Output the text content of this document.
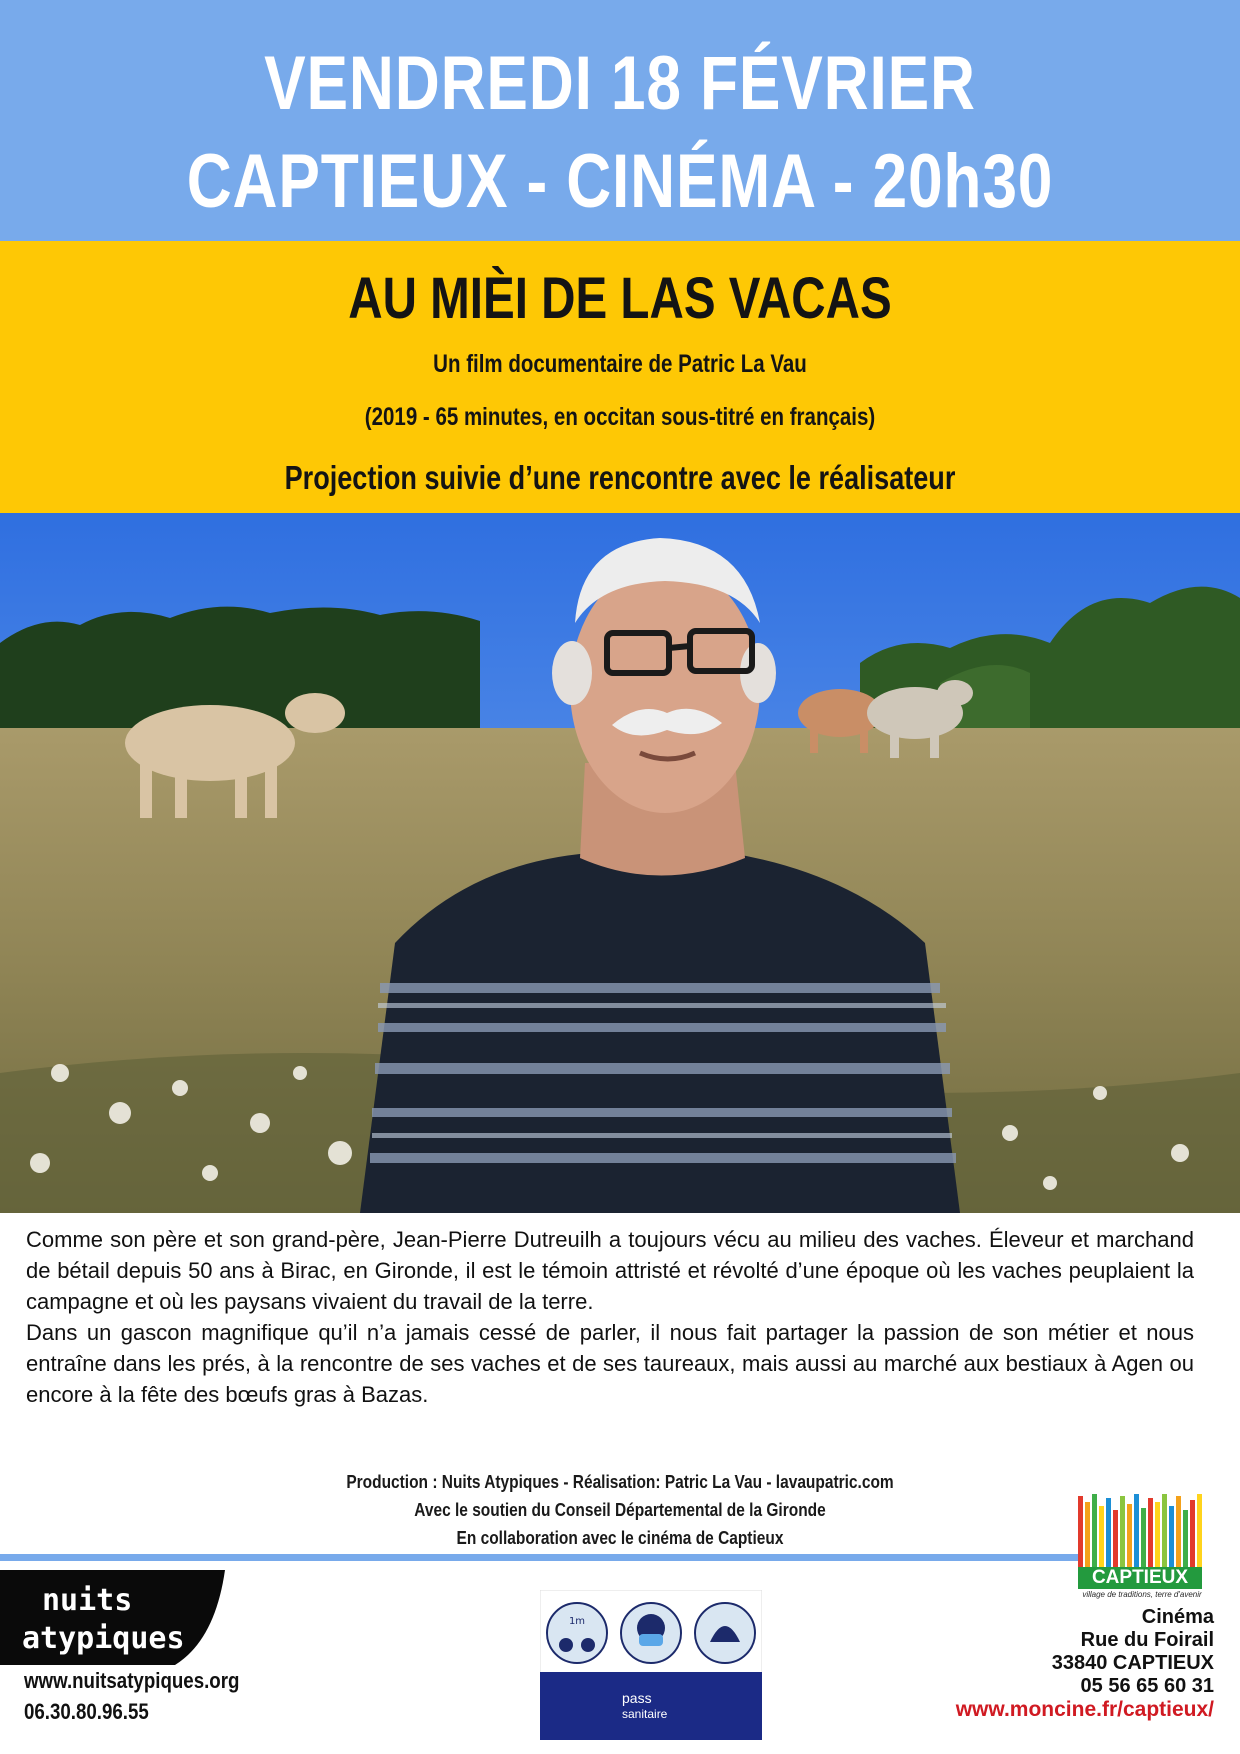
VENDREDI 18 FÉVRIER
CAPTIEUX - CINÉMA - 20h30
AU MIÈI DE LAS VACAS
Un film documentaire de Patric La Vau
(2019 - 65 minutes, en occitan sous-titré en français)
Projection suivie d’une rencontre avec le réalisateur

Comme son père et son grand-père, Jean-Pierre Dutreuilh a toujours vécu au milieu des vaches. Éleveur et marchand de bétail depuis 50 ans à Birac, en Gironde, il est le témoin attristé et révolté d’une époque où les vaches peuplaient la campagne et où les paysans vivaient du travail de la terre.

Dans un gascon magnifique qu’il n’a jamais cessé de parler, il nous fait partager la passion de son métier et nous entraîne dans les prés, à la rencontre de ses vaches et de ses taureaux, mais aussi au marché aux bestiaux à Agen ou encore à la fête des bœufs gras à Bazas.

Production : Nuits Atypiques - Réalisation: Patric La Vau - lavaupatric.com
Avec le soutien du Conseil Départemental de la Gironde
En collaboration avec le cinéma de Captieux
CAPTIEUX
village de traditions, terre d'avenir
Cinéma
Rue du Foirail
33840 CAPTIEUX
05 56 65 60 31
www.moncine.fr/captieux/
nuits
atypiques
www.nuitsatypiques.org
06.30.80.96.55
1m
pass
sanitaire
